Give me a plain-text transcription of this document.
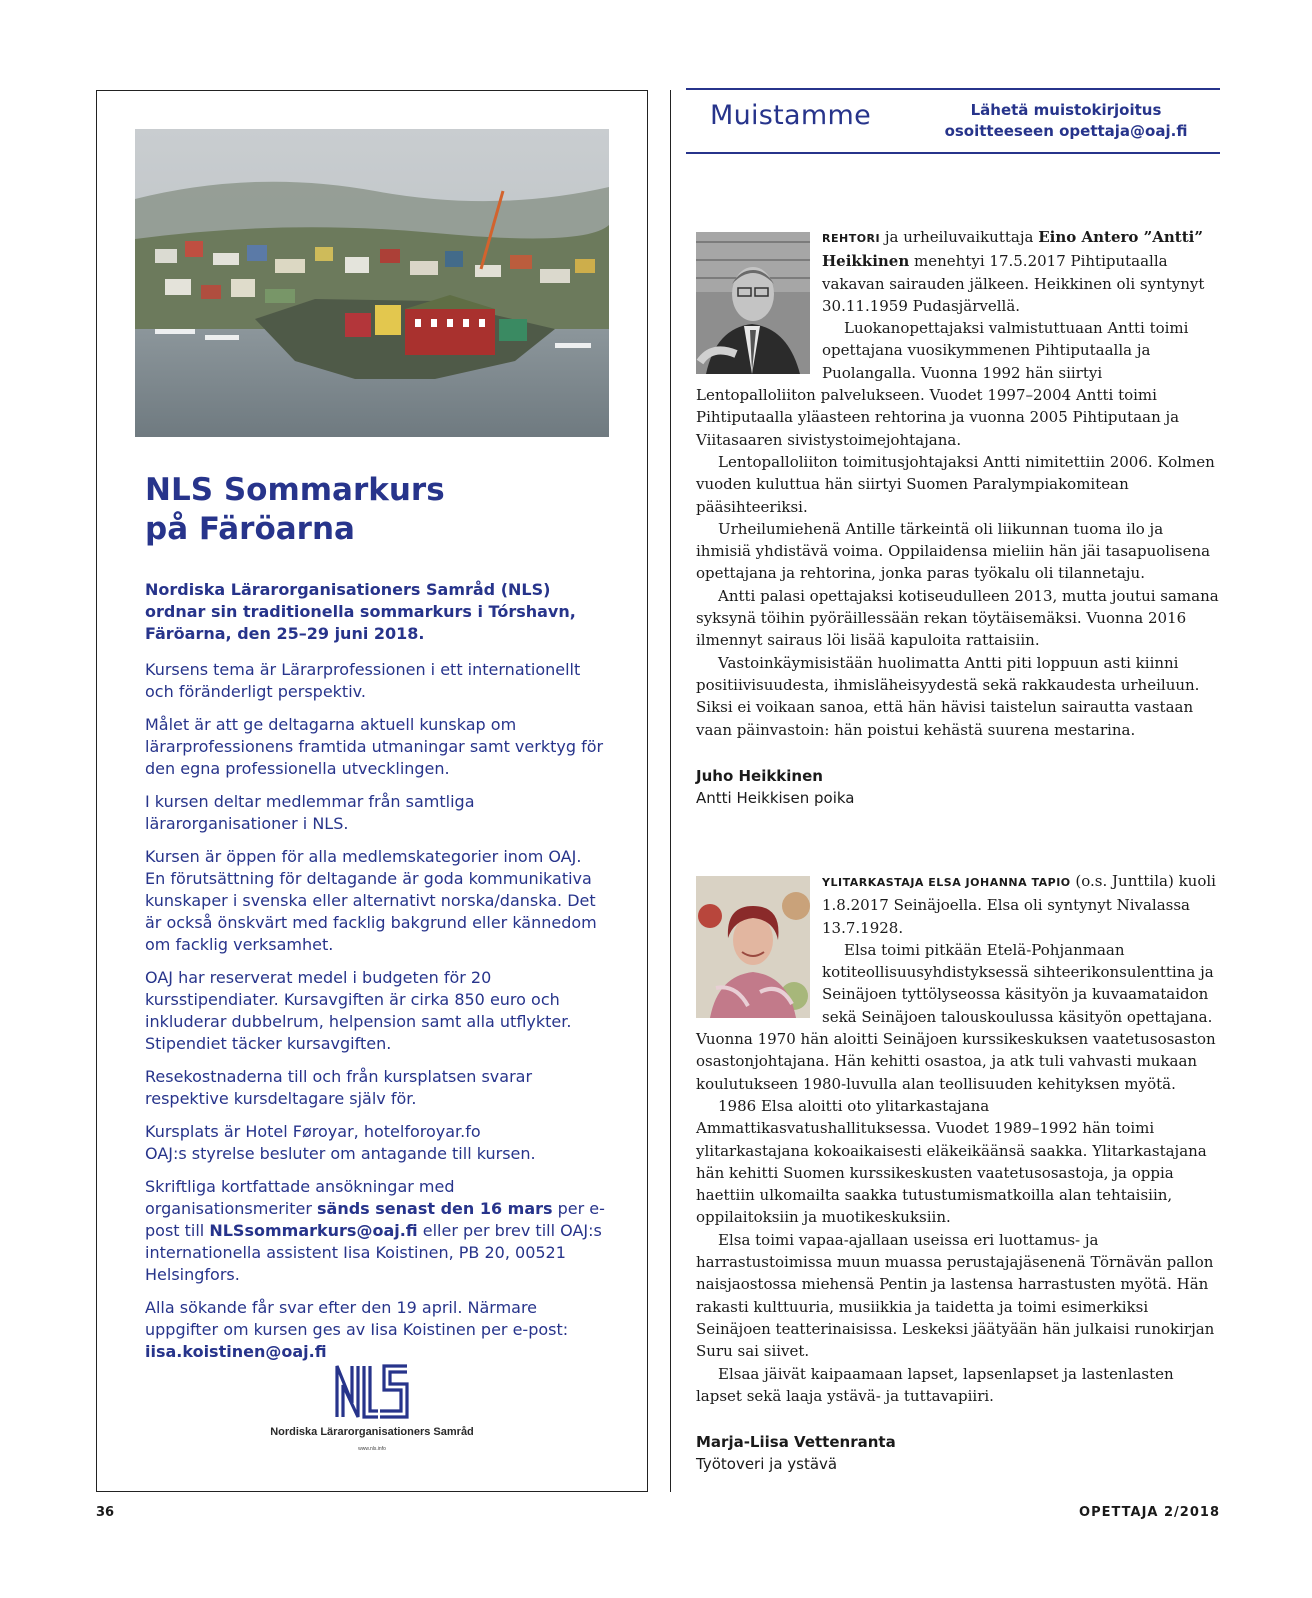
NLS Sommarkurs
på Färöarna

Nordiska Lärarorganisationers Samråd (NLS) ordnar sin traditionella sommarkurs i Tórshavn, Färöarna, den 25–29 juni 2018.

Kursens tema är Lärarprofessionen i ett internationellt och föränderligt perspektiv.

Målet är att ge deltagarna aktuell kunskap om lärarprofessionens framtida utmaningar samt verktyg för den egna professionella utvecklingen.

I kursen deltar medlemmar från samtliga lärarorganisationer i NLS.

Kursen är öppen för alla medlemskategorier inom OAJ. En förutsättning för deltagande är goda kommunikativa kunskaper i svenska eller alternativt norska/danska. Det är också önskvärt med facklig bakgrund eller kännedom om facklig verksamhet.

OAJ har reserverat medel i budgeten för 20 kursstipendiater. Kursavgiften är cirka 850 euro och inkluderar dubbelrum, helpension samt alla utflykter. Stipendiet täcker kursavgiften.

Resekostnaderna till och från kursplatsen svarar respektive kursdeltagare själv för.

Kursplats är Hotel Føroyar, hotelforoyar.fo
OAJ:s styrelse besluter om antagande till kursen.

Skriftliga kortfattade ansökningar med organisationsmeriter sänds senast den 16 mars per e-post till NLSsommarkurs@oaj.fi eller per brev till OAJ:s internationella assistent Iisa Koistinen, PB 20, 00521 Helsingfors.

Alla sökande får svar efter den 19 april. Närmare uppgifter om kursen ges av Iisa Koistinen per e-post: iisa.koistinen@oaj.fi

Nordiska Lärarorganisationers Samråd
www.nls.info
Muistamme	Lähetä muistokirjoitus
osoitteeseen opettaja@oaj.fi

REHTORI ja urheiluvaikuttaja Eino Antero ”Antti” Heikkinen menehtyi 17.5.2017 Pihtiputaalla vakavan sairauden jälkeen. Heikkinen oli syntynyt 30.11.1959 Pudasjärvellä.

Luokanopettajaksi valmistuttuaan Antti toimi opettajana vuosikymmenen Pihtiputaalla ja Puolangalla. Vuonna 1992 hän siirtyi Lentopalloliiton palvelukseen. Vuodet 1997–2004 Antti toimi Pihtiputaalla yläasteen rehtorina ja vuonna 2005 Pihtiputaan ja Viitasaaren sivistystoimejohtajana.

Lentopalloliiton toimitusjohtajaksi Antti nimitettiin 2006. Kolmen vuoden kuluttua hän siirtyi Suomen Paralympiakomitean pääsihteeriksi.

Urheilumiehenä Antille tärkeintä oli liikunnan tuoma ilo ja ihmisiä yhdistävä voima. Oppilaidensa mieliin hän jäi tasapuolisena opettajana ja rehtorina, jonka paras työkalu oli tilannetaju.

Antti palasi opettajaksi kotiseudulleen 2013, mutta joutui samana syksynä töihin pyöräillessään rekan töytäisemäksi. Vuonna 2016 ilmennyt sairaus löi lisää kapuloita rattaisiin.

Vastoinkäymisistään huolimatta Antti piti loppuun asti kiinni positiivisuudesta, ihmisläheisyydestä sekä rakkaudesta urheiluun. Siksi ei voikaan sanoa, että hän hävisi taistelun sairautta vastaan vaan päinvastoin: hän poistui kehästä suurena mestarina.

Juho Heikkinen
Antti Heikkisen poika

YLITARKASTAJA ELSA JOHANNA TAPIO (o.s. Junttila) kuoli 1.8.2017 Seinäjoella. Elsa oli syntynyt Nivalassa 13.7.1928.

Elsa toimi pitkään Etelä-Pohjanmaan kotiteollisuusyhdistyksessä sihteerikonsulenttina ja Seinäjoen tyttölyseossa käsityön ja kuvaamataidon sekä Seinäjoen talouskoulussa käsityön opettajana. Vuonna 1970 hän aloitti Seinäjoen kurssikeskuksen vaatetusosaston osastonjohtajana. Hän kehitti osastoa, ja atk tuli vahvasti mukaan koulutukseen 1980-luvulla alan teollisuuden kehityksen myötä.

1986 Elsa aloitti oto ylitarkastajana Ammattikasvatushallituksessa. Vuodet 1989–1992 hän toimi ylitarkastajana kokoaikaisesti eläkeikäänsä saakka. Ylitarkastajana hän kehitti Suomen kurssikeskusten vaatetusosastoja, ja oppia haettiin ulkomailta saakka tutustumismatkoilla alan tehtaisiin, oppilaitoksiin ja muotikeskuksiin.

Elsa toimi vapaa-ajallaan useissa eri luottamus- ja harrastustoimissa muun muassa perustajajäsenenä Törnävän pallon naisjaostossa miehensä Pentin ja lastensa harrastusten myötä. Hän rakasti kulttuuria, musiikkia ja taidetta ja toimi esimerkiksi Seinäjoen teatterinaisissa. Leskeksi jäätyään hän julkaisi runokirjan Suru sai siivet.

Elsaa jäivät kaipaamaan lapset, lapsenlapset ja lastenlasten lapset sekä laaja ystävä- ja tuttavapiiri.

Marja-Liisa Vettenranta
Työtoveri ja ystävä
36	OPETTAJA 2/2018
